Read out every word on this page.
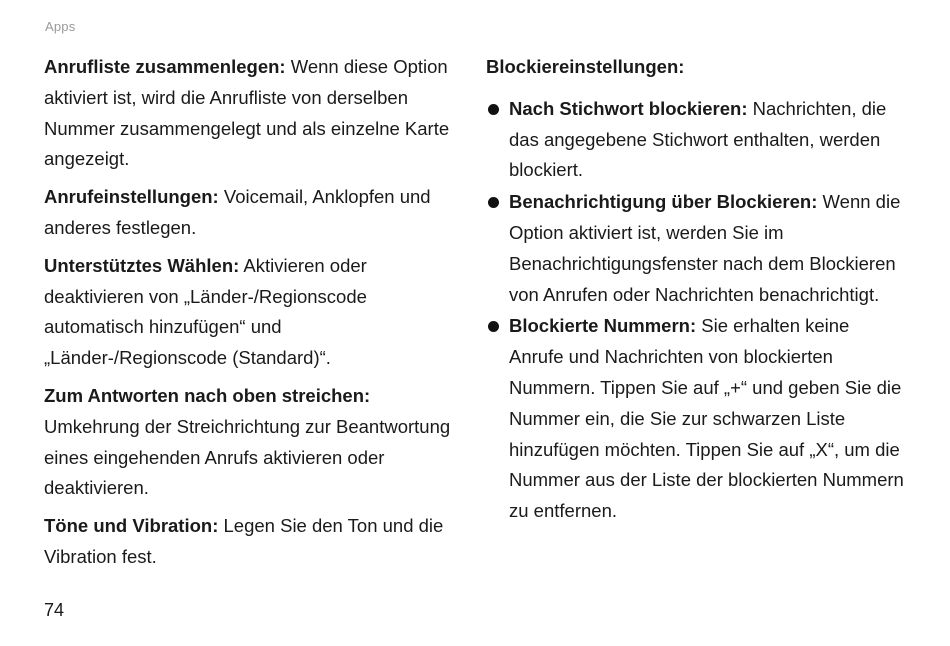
Apps

Anrufliste zusammenlegen: Wenn diese Option aktiviert ist, wird die Anrufliste von derselben Nummer zusammengelegt und als einzelne Karte angezeigt.

Anrufeinstellungen: Voicemail, Anklopfen und anderes festlegen.

Unterstütztes Wählen: Aktivieren oder deaktivieren von „Länder-/Regionscode automatisch hinzufügen“ und „Länder-/Regionscode (Standard)“.

Zum Antworten nach oben streichen: Umkehrung der Streichrichtung zur Beantwortung eines eingehenden Anrufs aktivieren oder deaktivieren.

Töne und Vibration: Legen Sie den Ton und die Vibration fest.

Blockiereinstellungen:

Nach Stichwort blockieren: Nachrichten, die das angegebene Stichwort enthalten, werden blockiert.
Benachrichtigung über Blockieren: Wenn die Option aktiviert ist, werden Sie im Benachrichtigungsfenster nach dem Blockieren von Anrufen oder Nachrichten benachrichtigt.
Blockierte Nummern: Sie erhalten keine Anrufe und Nachrichten von blockierten Nummern. Tippen Sie auf „+“ und geben Sie die Nummer ein, die Sie zur schwarzen Liste hinzufügen möchten. Tippen Sie auf „X“, um die Nummer aus der Liste der blockierten Nummern zu entfernen.
74
